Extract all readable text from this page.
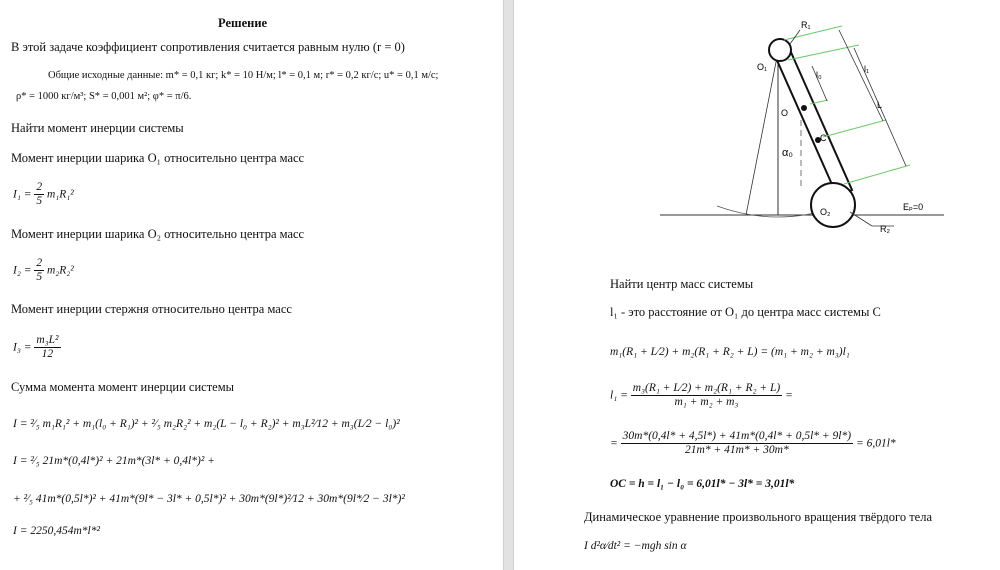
Решение
В этой задаче коэффициент сопротивления считается равным нулю (r = 0)
Общие исходные данные: m* = 0,1 кг; k* = 10 Н/м; l* = 0,1 м; r* = 0,2 кг/с; u* = 0,1 м/с;
ρ* = 1000 кг/м³; S* = 0,001 м²; φ* = π/6.
Найти момент инерции системы
Момент инерции шарика O₁ относительно центра масс
$I_1 = \frac{2}{5} m_1R_1^2$
Момент инерции шарика O₂ относительно центра масс
$I_2 = \frac{2}{5} m_2R_2^2$
Момент инерции стержня относительно центра масс
$I_3 = \frac{\text{m₃L²}}{12}$
Сумма момента момент инерции системы
I = ²⁄₅ m₁R₁² + m₁(l₀ + R₁)² + ²⁄₅ m₂R₂² + m₂(L − l₀ + R₂)² + m₃L²⁄12 + m₃(L⁄2 − l₀)²
I = ²⁄₅ 21m*(0,4l*)² + 21m*(3l* + 0,4l*)² +
+ ²⁄₅ 41m*(0,5l*)² + 41m*(9l* − 3l* + 0,5l*)² + 30m*(9l*)²⁄12 + 30m*(9l*⁄2 − 3l*)²
I = 2250,454m*l*²
R₁
O₁
l₀
l₁
L
O
C
α₀
Eₚ=0
O₂
R₂
Найти центр масс системы
l₁ - это расстояние от O₁ до центра масс системы C
m₁(R₁ + L⁄2) + m₂(R₁ + R₂ + L) = (m₁ + m₂ + m₃)l₁
$l_1 = \frac{\text{m₃(R₁ + L⁄2) + m₂(R₁ + R₂ + L)}}{\text{m₁ + m₂ + m₃}}$ =
= $\frac{30m*(0,4l* + 4,5l*) + 41m*(0,4l* + 0,5l* + 9l*)}{21m* + 41m* + 30m*} = 6,01l*$
OC = h = l₁ − l₀ = 6,01l* − 3l* = 3,01l*
Динамическое уравнение произвольного вращения твёрдого тела
I d²α⁄dt² = −mgh sin α
